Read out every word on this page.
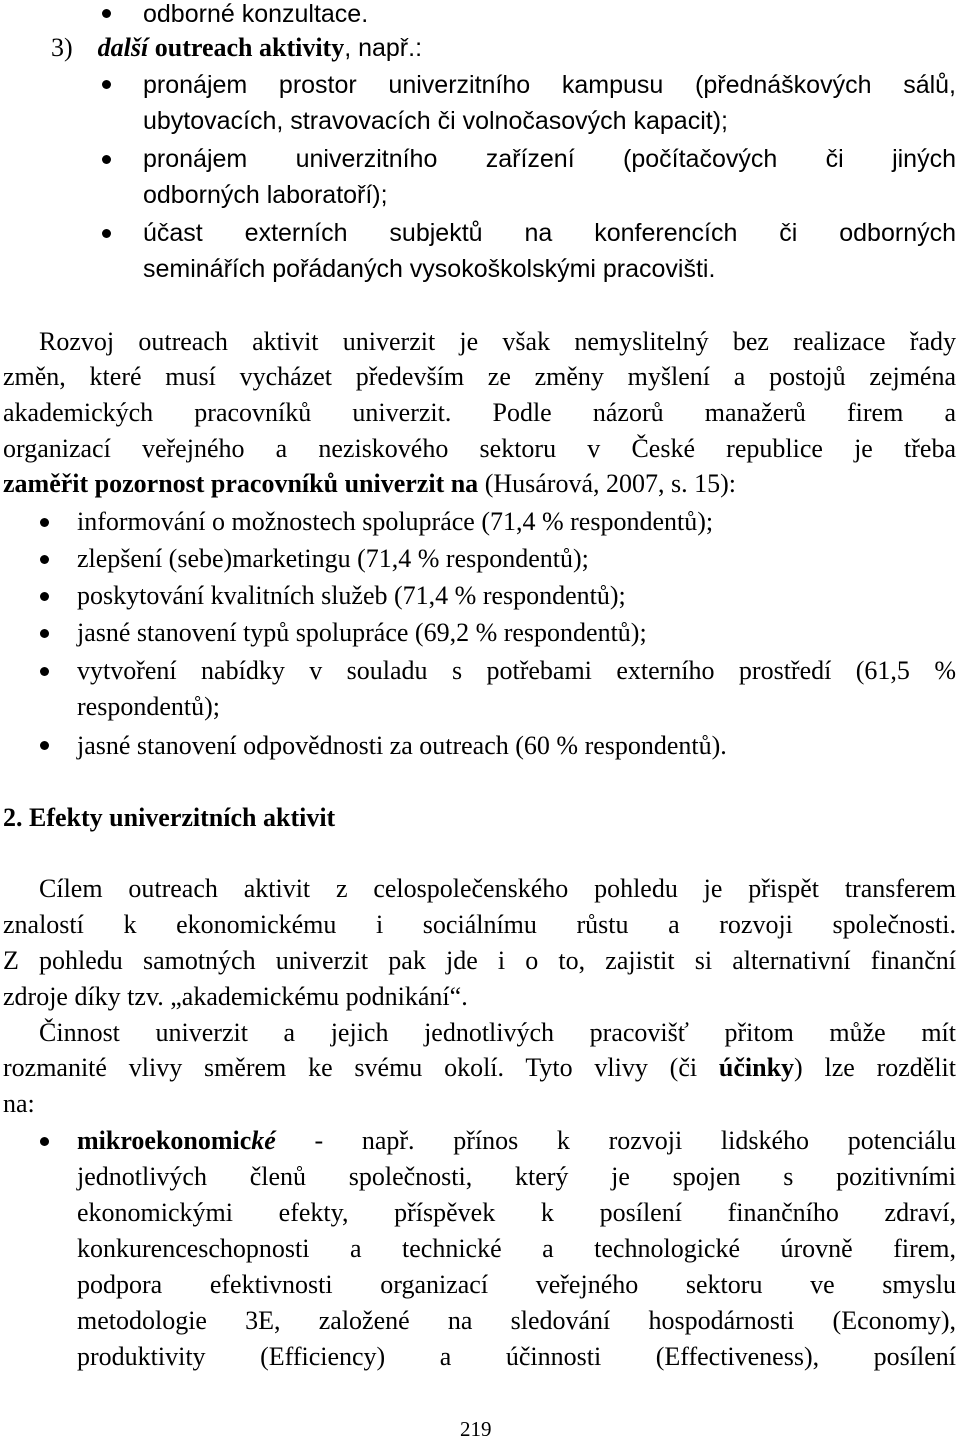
odborné konzultace.
3) další outreach aktivity, např.:
pronájem prostor univerzitního kampusu (přednáškových sálů,
ubytovacích, stravovacích či volnočasových kapacit);
pronájem univerzitního zařízení (počítačových či jiných
odborných laboratoří);
účast externích subjektů na konferencích či odborných
seminářích pořádaných vysokoškolskými pracovišti.
Rozvoj outreach aktivit univerzit je však nemyslitelný bez realizace řady
změn, které musí vycházet především ze změny myšlení a postojů zejména
akademických pracovníků univerzit. Podle názorů manažerů firem a
organizací veřejného a neziskového sektoru v České republice je třeba
zaměřit pozornost pracovníků univerzit na (Husárová, 2007, s. 15):
informování o možnostech spolupráce (71,4 % respondentů);
zlepšení (sebe)marketingu (71,4 % respondentů);
poskytování kvalitních služeb (71,4 % respondentů);
jasné stanovení typů spolupráce (69,2 % respondentů);
vytvoření nabídky v souladu s potřebami externího prostředí (61,5 %
respondentů);
jasné stanovení odpovědnosti za outreach (60 % respondentů).
2. Efekty univerzitních aktivit
Cílem outreach aktivit z celospolečenského pohledu je přispět transferem
znalostí k ekonomickému i sociálnímu růstu a rozvoji společnosti.
Z pohledu samotných univerzit pak jde i o to, zajistit si alternativní finanční
zdroje díky tzv. „akademickému podnikání“.
Činnost univerzit a jejich jednotlivých pracovišť přitom může mít
rozmanité vlivy směrem ke svému okolí. Tyto vlivy (či účinky) lze rozdělit
na:
mikroekonomické - např. přínos k rozvoji lidského potenciálu
jednotlivých členů společnosti, který je spojen s pozitivními
ekonomickými efekty, příspěvek k posílení finančního zdraví,
konkurenceschopnosti a technické a technologické úrovně firem,
podpora efektivnosti organizací veřejného sektoru ve smyslu
metodologie 3E, založené na sledování hospodárnosti (Economy),
produktivity (Efficiency) a účinnosti (Effectiveness), posílení
219
